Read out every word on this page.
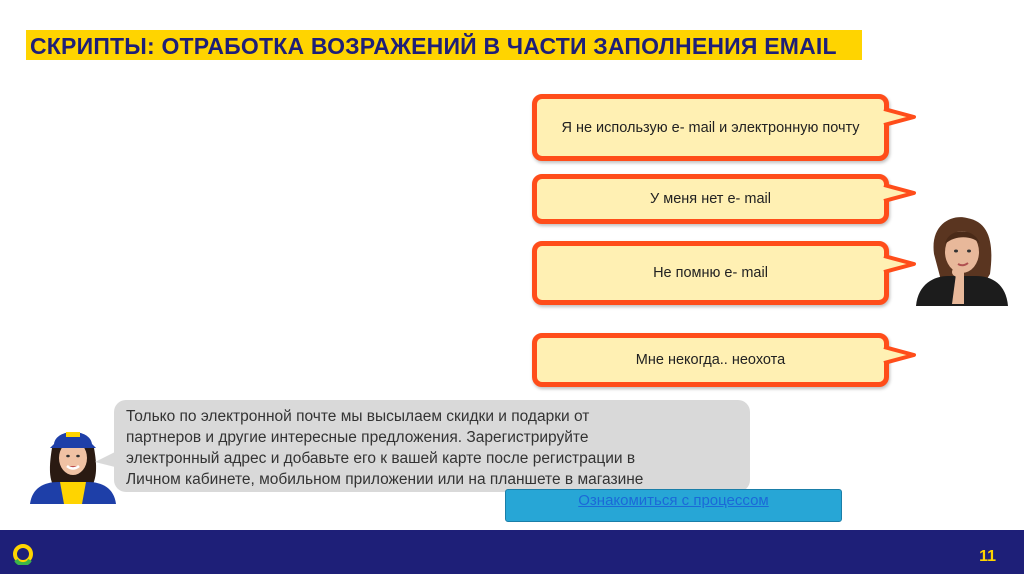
СКРИПТЫ: ОТРАБОТКА ВОЗРАЖЕНИЙ В ЧАСТИ ЗАПОЛНЕНИЯ EMAIL
Я не использую e- mail и электронную почту
У меня нет e- mail
Не помню e- mail
Мне некогда.. неохота
Только по электронной почте мы высылаем скидки и подарки от
партнеров и другие интересные предложения. Зарегистрируйте
электронный адрес и добавьте его к вашей карте после регистрации в
Личном кабинете, мобильном приложении или на планшете в магазине
Ознакомиться с процессом
11
